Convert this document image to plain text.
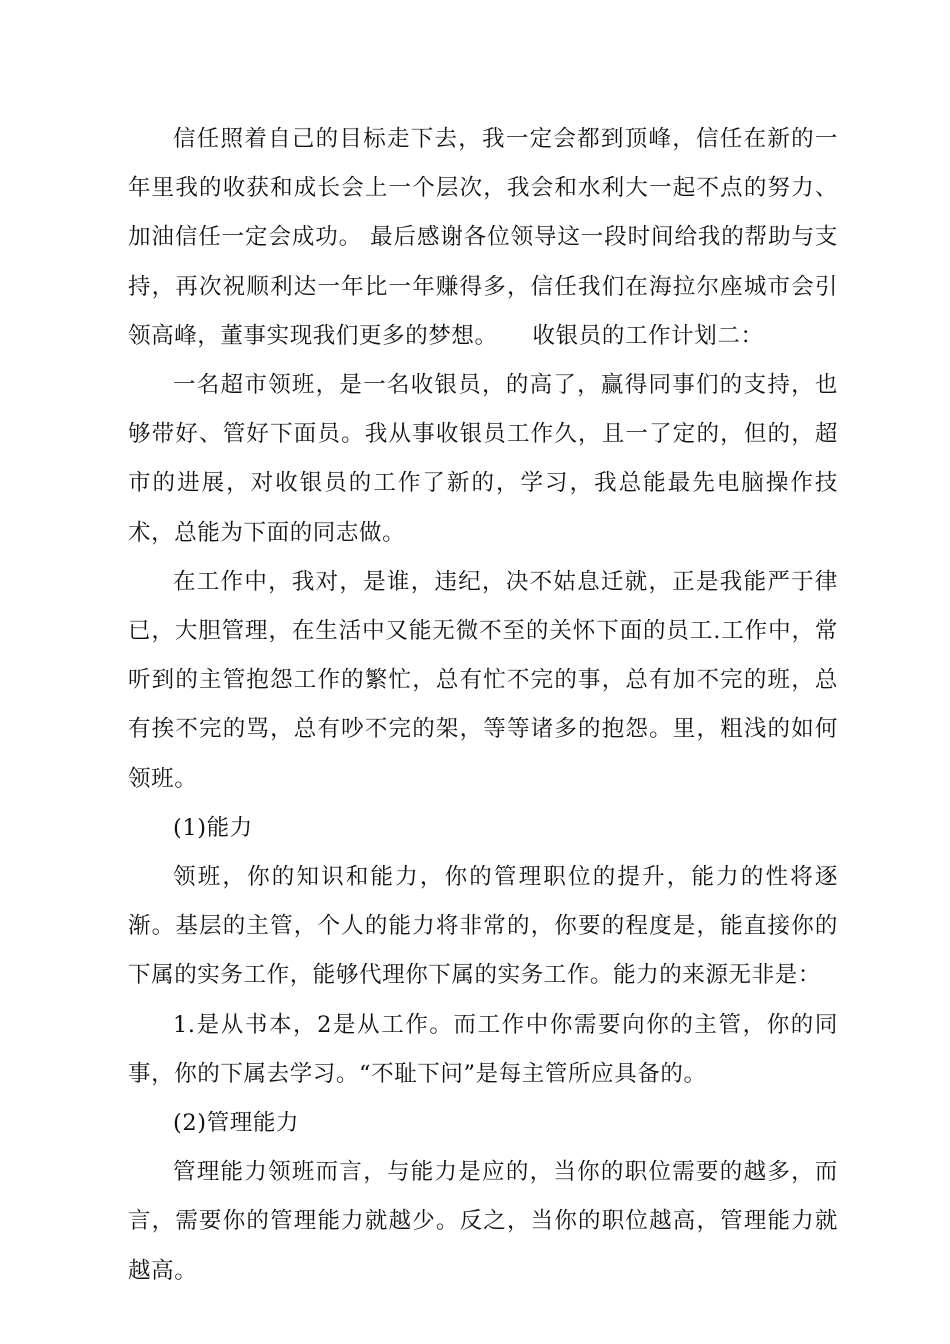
信任照着自己的目标走下去，我一定会都到顶峰，信任在新的一年里我的收获和成长会上一个层次，我会和水利大一起不点的努力、加油信任一定会成功。 最后感谢各位领导这一段时间给我的帮助与支持，再次祝顺利达一年比一年赚得多，信任我们在海拉尔座城市会引领高峰，董事实现我们更多的梦想。　　收银员的工作计划二：

一名超市领班，是一名收银员，的高了，赢得同事们的支持，也够带好、管好下面员。我从事收银员工作久，且一了定的，但的，超市的进展，对收银员的工作了新的，学习，我总能最先电脑操作技术，总能为下面的同志做。

在工作中，我对，是谁，违纪，决不姑息迁就，正是我能严于律已，大胆管理，在生活中又能无微不至的关怀下面的员工.工作中，常听到的主管抱怨工作的繁忙，总有忙不完的事，总有加不完的班，总有挨不完的骂，总有吵不完的架，等等诸多的抱怨。里，粗浅的如何领班。

(1)能力

领班，你的知识和能力，你的管理职位的提升，能力的性将逐渐。基层的主管，个人的能力将非常的，你要的程度是，能直接你的下属的实务工作，能够代理你下属的实务工作。能力的来源无非是：

1.是从书本，2是从工作。而工作中你需要向你的主管，你的同事，你的下属去学习。“不耻下问”是每主管所应具备的。

(2)管理能力

管理能力领班而言，与能力是应的，当你的职位需要的越多，而言，需要你的管理能力就越少。反之，当你的职位越高，管理能力就越高。
